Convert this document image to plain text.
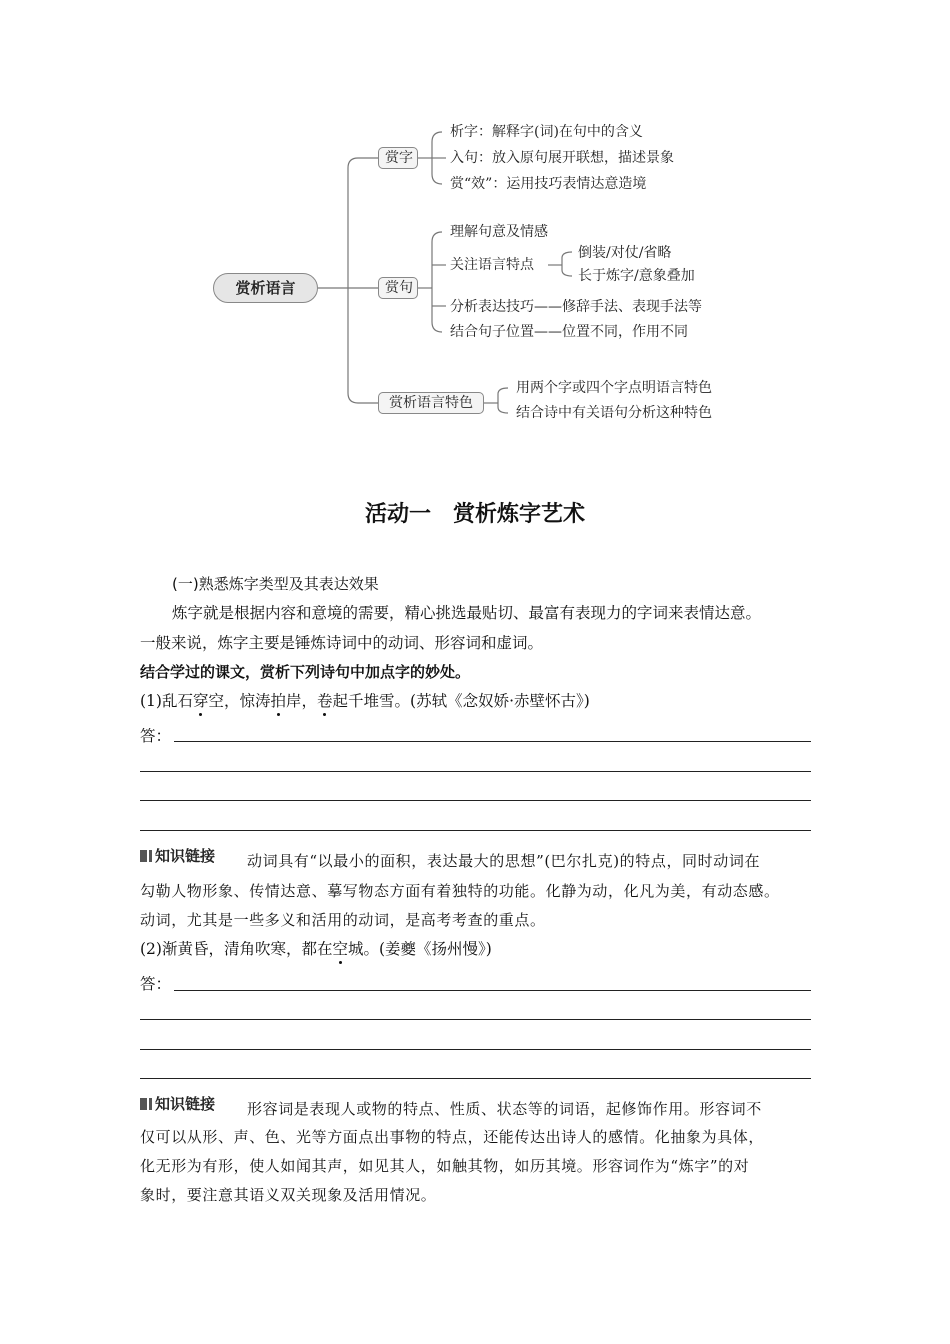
赏析语言
赏字
析字：解释字(词)在句中的含义
入句：放入原句展开联想，描述景象
赏“效”：运用技巧表情达意造境
赏句
理解句意及情感
关注语言特点
倒装/对仗/省略
长于炼字/意象叠加
分析表达技巧——修辞手法、表现手法等
结合句子位置——位置不同，作用不同
赏析语言特色
用两个字或四个字点明语言特色
结合诗中有关语句分析这种特色
活动一　赏析炼字艺术
(一)熟悉炼字类型及其表达效果
炼字就是根据内容和意境的需要，精心挑选最贴切、最富有表现力的字词来表情达意。
一般来说，炼字主要是锤炼诗词中的动词、形容词和虚词。
结合学过的课文，赏析下列诗句中加点字的妙处。
(1)乱石穿空，惊涛拍岸，卷起千堆雪。(苏轼《念奴娇·赤壁怀古》)
答：
知识链接 动词具有“以最小的面积，表达最大的思想”(巴尔扎克)的特点，同时动词在
勾勒人物形象、传情达意、摹写物态方面有着独特的功能。化静为动，化凡为美，有动态感。
动词，尤其是一些多义和活用的动词，是高考考查的重点。
(2)渐黄昏，清角吹寒，都在空城。(姜夔《扬州慢》)
答：
知识链接 形容词是表现人或物的特点、性质、状态等的词语，起修饰作用。形容词不
仅可以从形、声、色、光等方面点出事物的特点，还能传达出诗人的感情。化抽象为具体，
化无形为有形，使人如闻其声，如见其人，如触其物，如历其境。形容词作为“炼字”的对
象时，要注意其语义双关现象及活用情况。
